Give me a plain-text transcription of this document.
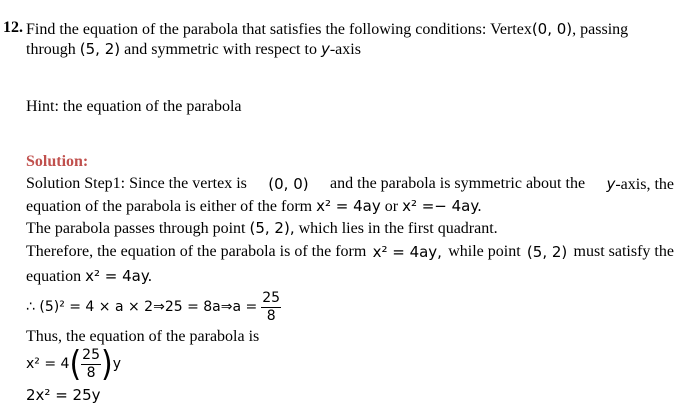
12. Find the equation of the parabola that satisfies the following conditions: Vertex(0, 0), passing
through (5, 2) and symmetric with respect to y-axis
Hint: the equation of the parabola
Solution:
Solution Step1: Since the vertex is (0, 0) and the parabola is symmetric about the y-axis, the
equation of the parabola is either of the form x² = 4ay or x² =− 4ay.
The parabola passes through point (5, 2), which lies in the first quadrant.
Therefore, the equation of the parabola is of the form x² = 4ay, while point (5, 2) must satisfy the
equation x² = 4ay.
∴ (5)² = 4 × a × 2⇒25 = 8a⇒a = $\frac{25}{8}$
Thus, the equation of the parabola is
$x^2 = 4( \frac{25}{8} )y$
2x² = 25y
